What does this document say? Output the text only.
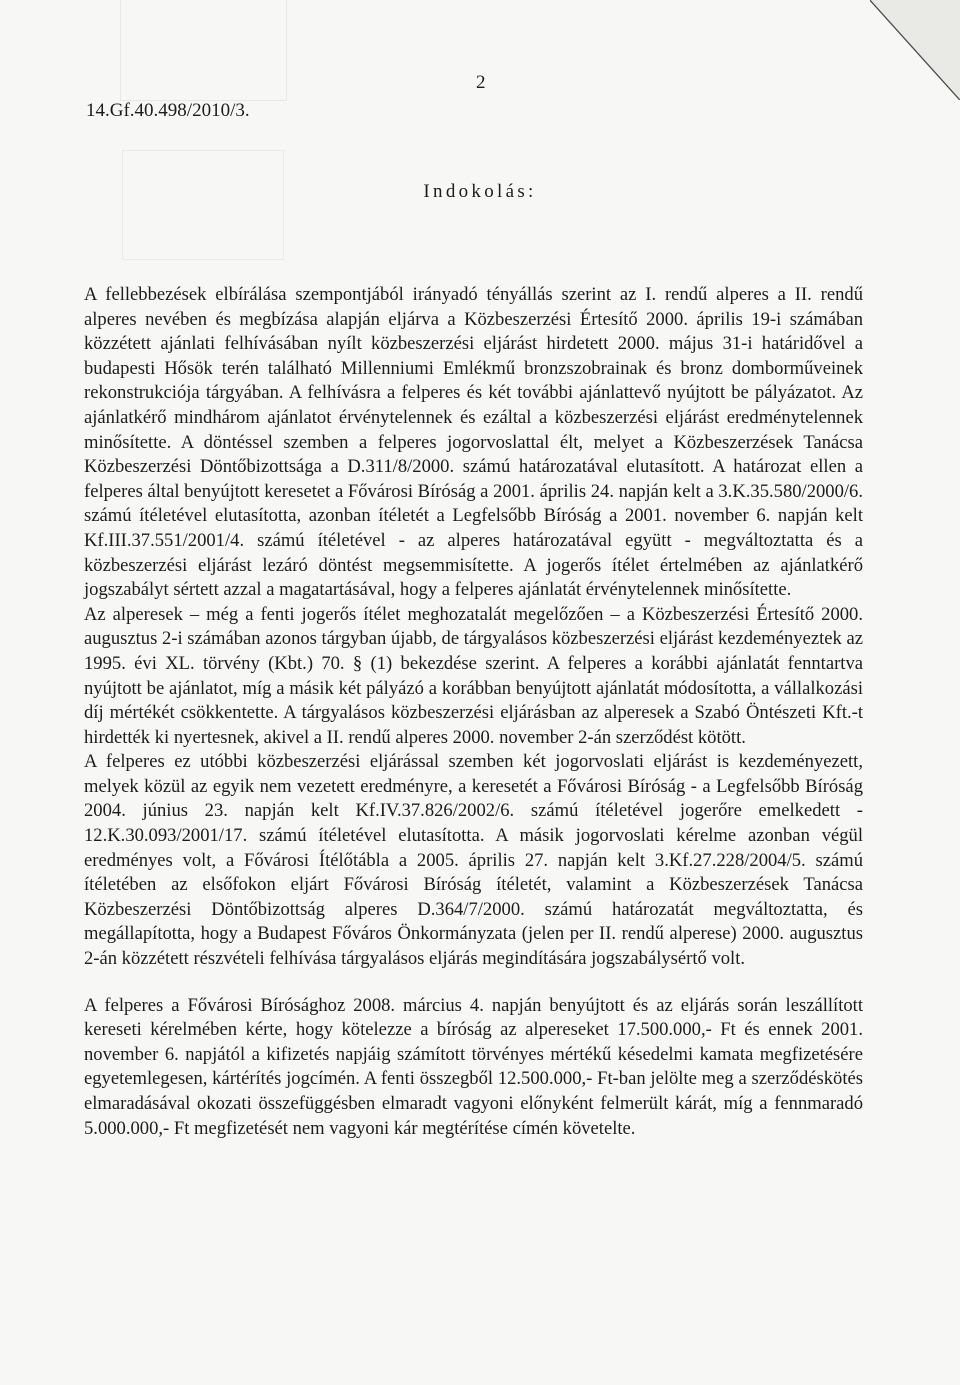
2
14.Gf.40.498/2010/3.
Indokolás:

A fellebbezések elbírálása szempontjából irányadó tényállás szerint az I. rendű alperes a II. rendű alperes nevében és megbízása alapján eljárva a Közbeszerzési Értesítő 2000. április 19-i számában közzétett ajánlati felhívásában nyílt közbeszerzési eljárást hirdetett 2000. május 31-i határidővel a budapesti Hősök terén található Millenniumi Emlékmű bronzszobrainak és bronz domborműveinek rekonstrukciója tárgyában. A felhívásra a felperes és két további ajánlattevő nyújtott be pályázatot. Az ajánlatkérő mindhárom ajánlatot érvénytelennek és ezáltal a közbeszerzési eljárást eredménytelennek minősítette. A döntéssel szemben a felperes jogorvoslattal élt, melyet a Közbeszerzések Tanácsa Közbeszerzési Döntőbizottsága a D.311/8/2000. számú határozatával elutasított. A határozat ellen a felperes által benyújtott keresetet a Fővárosi Bíróság a 2001. április 24. napján kelt a 3.K.35.580/2000/6. számú ítéletével elutasította, azonban ítéletét a Legfelsőbb Bíróság a 2001. november 6. napján kelt Kf.III.37.551/2001/4. számú ítéletével - az alperes határozatával együtt - megváltoztatta és a közbeszerzési eljárást lezáró döntést megsemmisítette. A jogerős ítélet értelmében az ajánlatkérő jogszabályt sértett azzal a magatartásával, hogy a felperes ajánlatát érvénytelennek minősítette.

Az alperesek – még a fenti jogerős ítélet meghozatalát megelőzően – a Közbeszerzési Értesítő 2000. augusztus 2-i számában azonos tárgyban újabb, de tárgyalásos közbeszerzési eljárást kezdeményeztek az 1995. évi XL. törvény (Kbt.) 70. § (1) bekezdése szerint. A felperes a korábbi ajánlatát fenntartva nyújtott be ajánlatot, míg a másik két pályázó a korábban benyújtott ajánlatát módosította, a vállalkozási díj mértékét csökkentette. A tárgyalásos közbeszerzési eljárásban az alperesek a Szabó Öntészeti Kft.-t hirdették ki nyertesnek, akivel a II. rendű alperes 2000. november 2-án szerződést kötött.

A felperes ez utóbbi közbeszerzési eljárással szemben két jogorvoslati eljárást is kezdeményezett, melyek közül az egyik nem vezetett eredményre, a keresetét a Fővárosi Bíróság - a Legfelsőbb Bíróság 2004. június 23. napján kelt Kf.IV.37.826/2002/6. számú ítéletével jogerőre emelkedett - 12.K.30.093/2001/17. számú ítéletével elutasította. A másik jogorvoslati kérelme azonban végül eredményes volt, a Fővárosi Ítélőtábla a 2005. április 27. napján kelt 3.Kf.27.228/2004/5. számú ítéletében az elsőfokon eljárt Fővárosi Bíróság ítéletét, valamint a Közbeszerzések Tanácsa Közbeszerzési Döntőbizottság alperes D.364/7/2000. számú határozatát megváltoztatta, és megállapította, hogy a Budapest Főváros Önkormányzata (jelen per II. rendű alperese) 2000. augusztus 2-án közzétett részvételi felhívása tárgyalásos eljárás megindítására jogszabálysértő volt.

A felperes a Fővárosi Bírósághoz 2008. március 4. napján benyújtott és az eljárás során leszállított kereseti kérelmében kérte, hogy kötelezze a bíróság az alpereseket 17.500.000,- Ft és ennek 2001. november 6. napjától a kifizetés napjáig számított törvényes mértékű késedelmi kamata megfizetésére egyetemlegesen, kártérítés jogcímén. A fenti összegből 12.500.000,- Ft-ban jelölte meg a szerződéskötés elmaradásával okozati összefüggésben elmaradt vagyoni előnyként felmerült kárát, míg a fennmaradó 5.000.000,- Ft megfizetését nem vagyoni kár megtérítése címén követelte.
